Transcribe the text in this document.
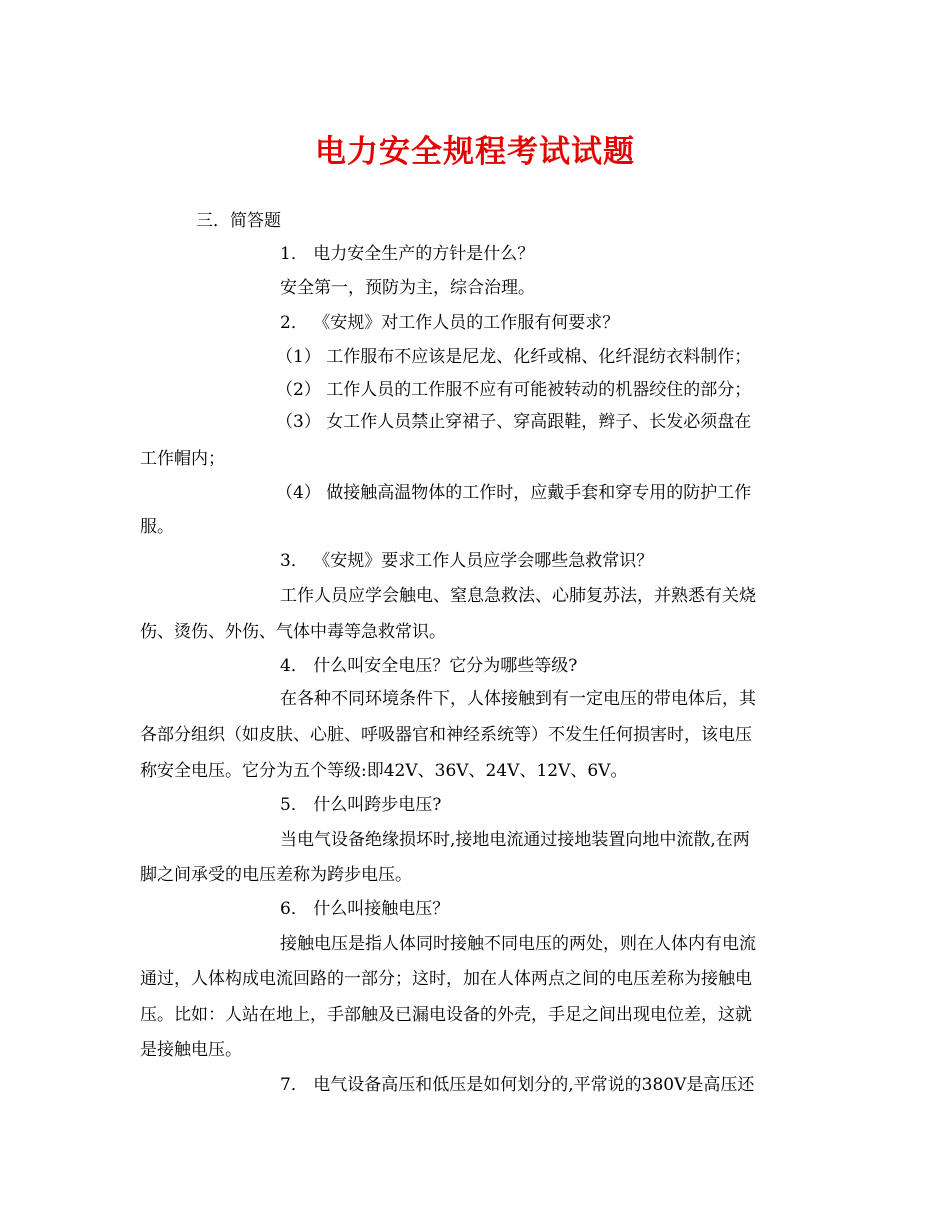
电力安全规程考试试题

三．简答题

1． 电力安全生产的方针是什么？

安全第一，预防为主，综合治理。

2． 《安规》对工作人员的工作服有何要求？

（1） 工作服布不应该是尼龙、化纤或棉、化纤混纺衣料制作；

（2） 工作人员的工作服不应有可能被转动的机器绞住的部分；

（3） 女工作人员禁止穿裙子、穿高跟鞋，辫子、长发必须盘在

工作帽内；

（4） 做接触高温物体的工作时，应戴手套和穿专用的防护工作

服。

3． 《安规》要求工作人员应学会哪些急救常识？

工作人员应学会触电、窒息急救法、心肺复苏法，并熟悉有关烧

伤、烫伤、外伤、气体中毒等急救常识。

4． 什么叫安全电压？它分为哪些等级?

在各种不同环境条件下，人体接触到有一定电压的带电体后，其

各部分组织（如皮肤、心脏、呼吸器官和神经系统等）不发生任何损害时，该电压

称安全电压。它分为五个等级:即42V、36V、24V、12V、6V。

5． 什么叫跨步电压?

当电气设备绝缘损坏时,接地电流通过接地装置向地中流散,在两

脚之间承受的电压差称为跨步电压。

6． 什么叫接触电压？

接触电压是指人体同时接触不同电压的两处，则在人体内有电流

通过，人体构成电流回路的一部分；这时，加在人体两点之间的电压差称为接触电

压。比如：人站在地上，手部触及已漏电设备的外壳，手足之间出现电位差，这就

是接触电压。

7． 电气设备高压和低压是如何划分的,平常说的380V是高压还
